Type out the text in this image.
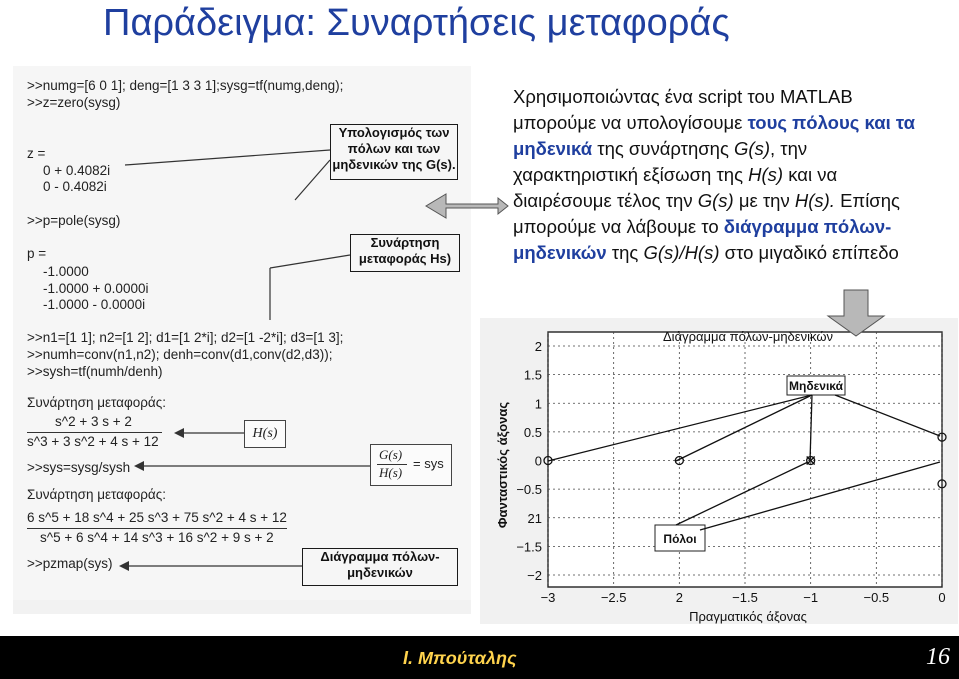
Παράδειγμα: Συναρτήσεις μεταφοράς
>>numg=[6 0 1]; deng=[1 3 3 1];sysg=tf(numg,deng);
>>z=zero(sysg)
z =
0 + 0.4082i
0 - 0.4082i
>>p=pole(sysg)
p =
-1.0000
-1.0000 + 0.0000i
-1.0000 - 0.0000i
>>n1=[1 1]; n2=[1 2]; d1=[1 2*i]; d2=[1 -2*i]; d3=[1 3];
>>numh=conv(n1,n2); denh=conv(d1,conv(d2,d3));
>>sysh=tf(numh/denh)
Συνάρτηση μεταφοράς:
s^2 + 3 s + 2
s^3 + 3 s^2 + 4 s + 12
>>sys=sysg/sysh
Συνάρτηση μεταφοράς:
6 s^5 + 18 s^4 + 25 s^3 + 75 s^2 + 4 s + 12
s^5 + 6 s^4 + 14 s^3 + 16 s^2 + 9 s + 2
>>pzmap(sys)
Υπολογισμός των
πόλων και των
μηδενικών της G(s).
Συνάρτηση
μεταφοράς Hs)
H(s)
G(s)
H(s)
= sys
Διάγραμμα πόλων-
μηδενικών

Χρησιμοποιώντας ένα script του MATLAB μπορούμε να υπολογίσουμε τους πόλους και τα μηδενικά της συνάρτησης G(s), την χαρακτηριστική εξίσωση της H(s) και να διαιρέσουμε τέλος την G(s) με την H(s). Επίσης μπορούμε να λάβουμε το διάγραμμα πόλων-μηδενικών της G(s)/H(s) στο μιγαδικό επίπεδο

2
1.5
1
0.5
0
−0.5
21
−1.5
−2
−3	−2.5	2	−1.5	−1	−0.5	0
Διάγραμμα πόλων-μηδενικών
Πραγματικός άξονας
Φανταστικός άξονας
Μηδενικά
Πόλοι
I. Μπούταλης	16
